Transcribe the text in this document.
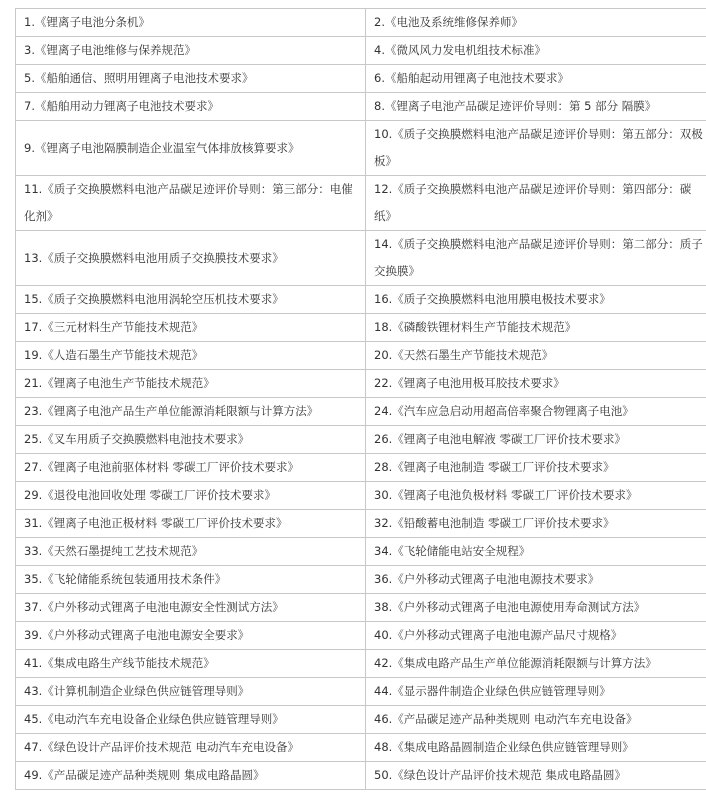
1.《锂离子电池分条机》	2.《电池及系统维修保养师》
3.《锂离子电池维修与保养规范》	4.《微风风力发电机组技术标准》
5.《船舶通信、照明用锂离子电池技术要求》	6.《船舶起动用锂离子电池技术要求》
7.《船舶用动力锂离子电池技术要求》	8.《锂离子电池产品碳足迹评价导则：第 5 部分 隔膜》
9.《锂离子电池隔膜制造企业温室气体排放核算要求》	10.《质子交换膜燃料电池产品碳足迹评价导则：第五部分：双极板》
11.《质子交换膜燃料电池产品碳足迹评价导则：第三部分：电催化剂》	12.《质子交换膜燃料电池产品碳足迹评价导则：第四部分：碳纸》
13.《质子交换膜燃料电池用质子交换膜技术要求》	14.《质子交换膜燃料电池产品碳足迹评价导则：第二部分：质子交换膜》
15.《质子交换膜燃料电池用涡轮空压机技术要求》	16.《质子交换膜燃料电池用膜电极技术要求》
17.《三元材料生产节能技术规范》	18.《磷酸铁锂材料生产节能技术规范》
19.《人造石墨生产节能技术规范》	20.《天然石墨生产节能技术规范》
21.《锂离子电池生产节能技术规范》	22.《锂离子电池用极耳胶技术要求》
23.《锂离子电池产品生产单位能源消耗限额与计算方法》	24.《汽车应急启动用超高倍率聚合物锂离子电池》
25.《叉车用质子交换膜燃料电池技术要求》	26.《锂离子电池电解液 零碳工厂评价技术要求》
27.《锂离子电池前驱体材料 零碳工厂评价技术要求》	28.《锂离子电池制造 零碳工厂评价技术要求》
29.《退役电池回收处理 零碳工厂评价技术要求》	30.《锂离子电池负极材料 零碳工厂评价技术要求》
31.《锂离子电池正极材料 零碳工厂评价技术要求》	32.《铅酸蓄电池制造 零碳工厂评价技术要求》
33.《天然石墨提纯工艺技术规范》	34.《飞轮储能电站安全规程》
35.《飞轮储能系统包装通用技术条件》	36.《户外移动式锂离子电池电源技术要求》
37.《户外移动式锂离子电池电源安全性测试方法》	38.《户外移动式锂离子电池电源使用寿命测试方法》
39.《户外移动式锂离子电池电源安全要求》	40.《户外移动式锂离子电池电源产品尺寸规格》
41.《集成电路生产线节能技术规范》	42.《集成电路产品生产单位能源消耗限额与计算方法》
43.《计算机制造企业绿色供应链管理导则》	44.《显示器件制造企业绿色供应链管理导则》
45.《电动汽车充电设备企业绿色供应链管理导则》	46.《产品碳足迹产品种类规则 电动汽车充电设备》
47.《绿色设计产品评价技术规范 电动汽车充电设备》	48.《集成电路晶圆制造企业绿色供应链管理导则》
49.《产品碳足迹产品种类规则 集成电路晶圆》	50.《绿色设计产品评价技术规范 集成电路晶圆》
